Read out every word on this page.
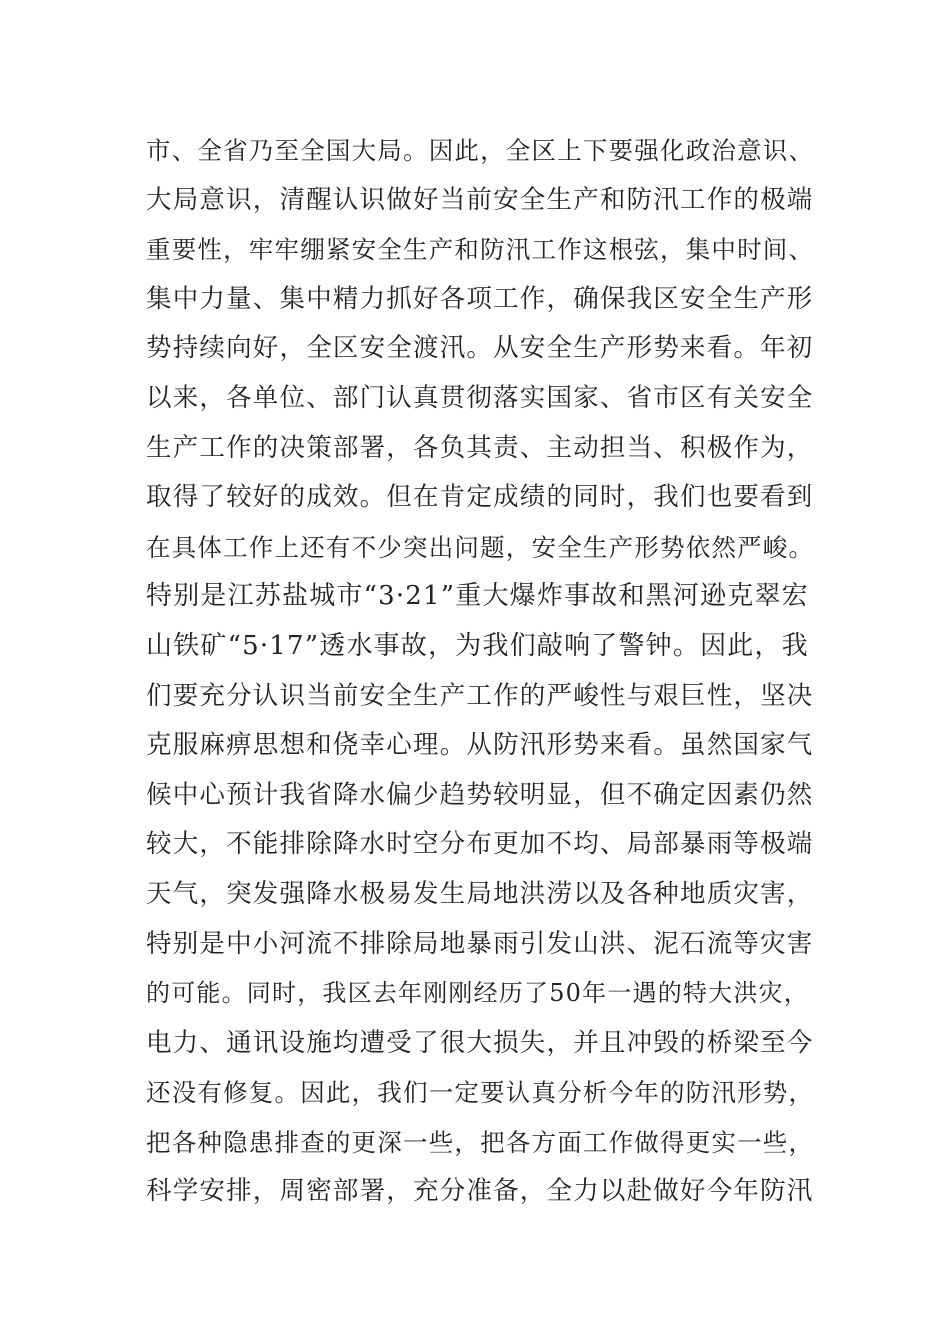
市、全省乃至全国大局。因此，全区上下要强化政治意识、
大局意识，清醒认识做好当前安全生产和防汛工作的极端
重要性，牢牢绷紧安全生产和防汛工作这根弦，集中时间、
集中力量、集中精力抓好各项工作，确保我区安全生产形
势持续向好，全区安全渡汛。从安全生产形势来看。年初
以来，各单位、部门认真贯彻落实国家、省市区有关安全
生产工作的决策部署，各负其责、主动担当、积极作为，
取得了较好的成效。但在肯定成绩的同时，我们也要看到
在具体工作上还有不少突出问题，安全生产形势依然严峻。
特别是江苏盐城市“3·21”重大爆炸事故和黑河逊克翠宏
山铁矿“5·17”透水事故，为我们敲响了警钟。因此，我
们要充分认识当前安全生产工作的严峻性与艰巨性，坚决
克服麻痹思想和侥幸心理。从防汛形势来看。虽然国家气
候中心预计我省降水偏少趋势较明显，但不确定因素仍然
较大，不能排除降水时空分布更加不均、局部暴雨等极端
天气，突发强降水极易发生局地洪涝以及各种地质灾害，
特别是中小河流不排除局地暴雨引发山洪、泥石流等灾害
的可能。同时，我区去年刚刚经历了50年一遇的特大洪灾，
电力、通讯设施均遭受了很大损失，并且冲毁的桥梁至今
还没有修复。因此，我们一定要认真分析今年的防汛形势，
把各种隐患排查的更深一些，把各方面工作做得更实一些，
科学安排，周密部署，充分准备，全力以赴做好今年防汛
